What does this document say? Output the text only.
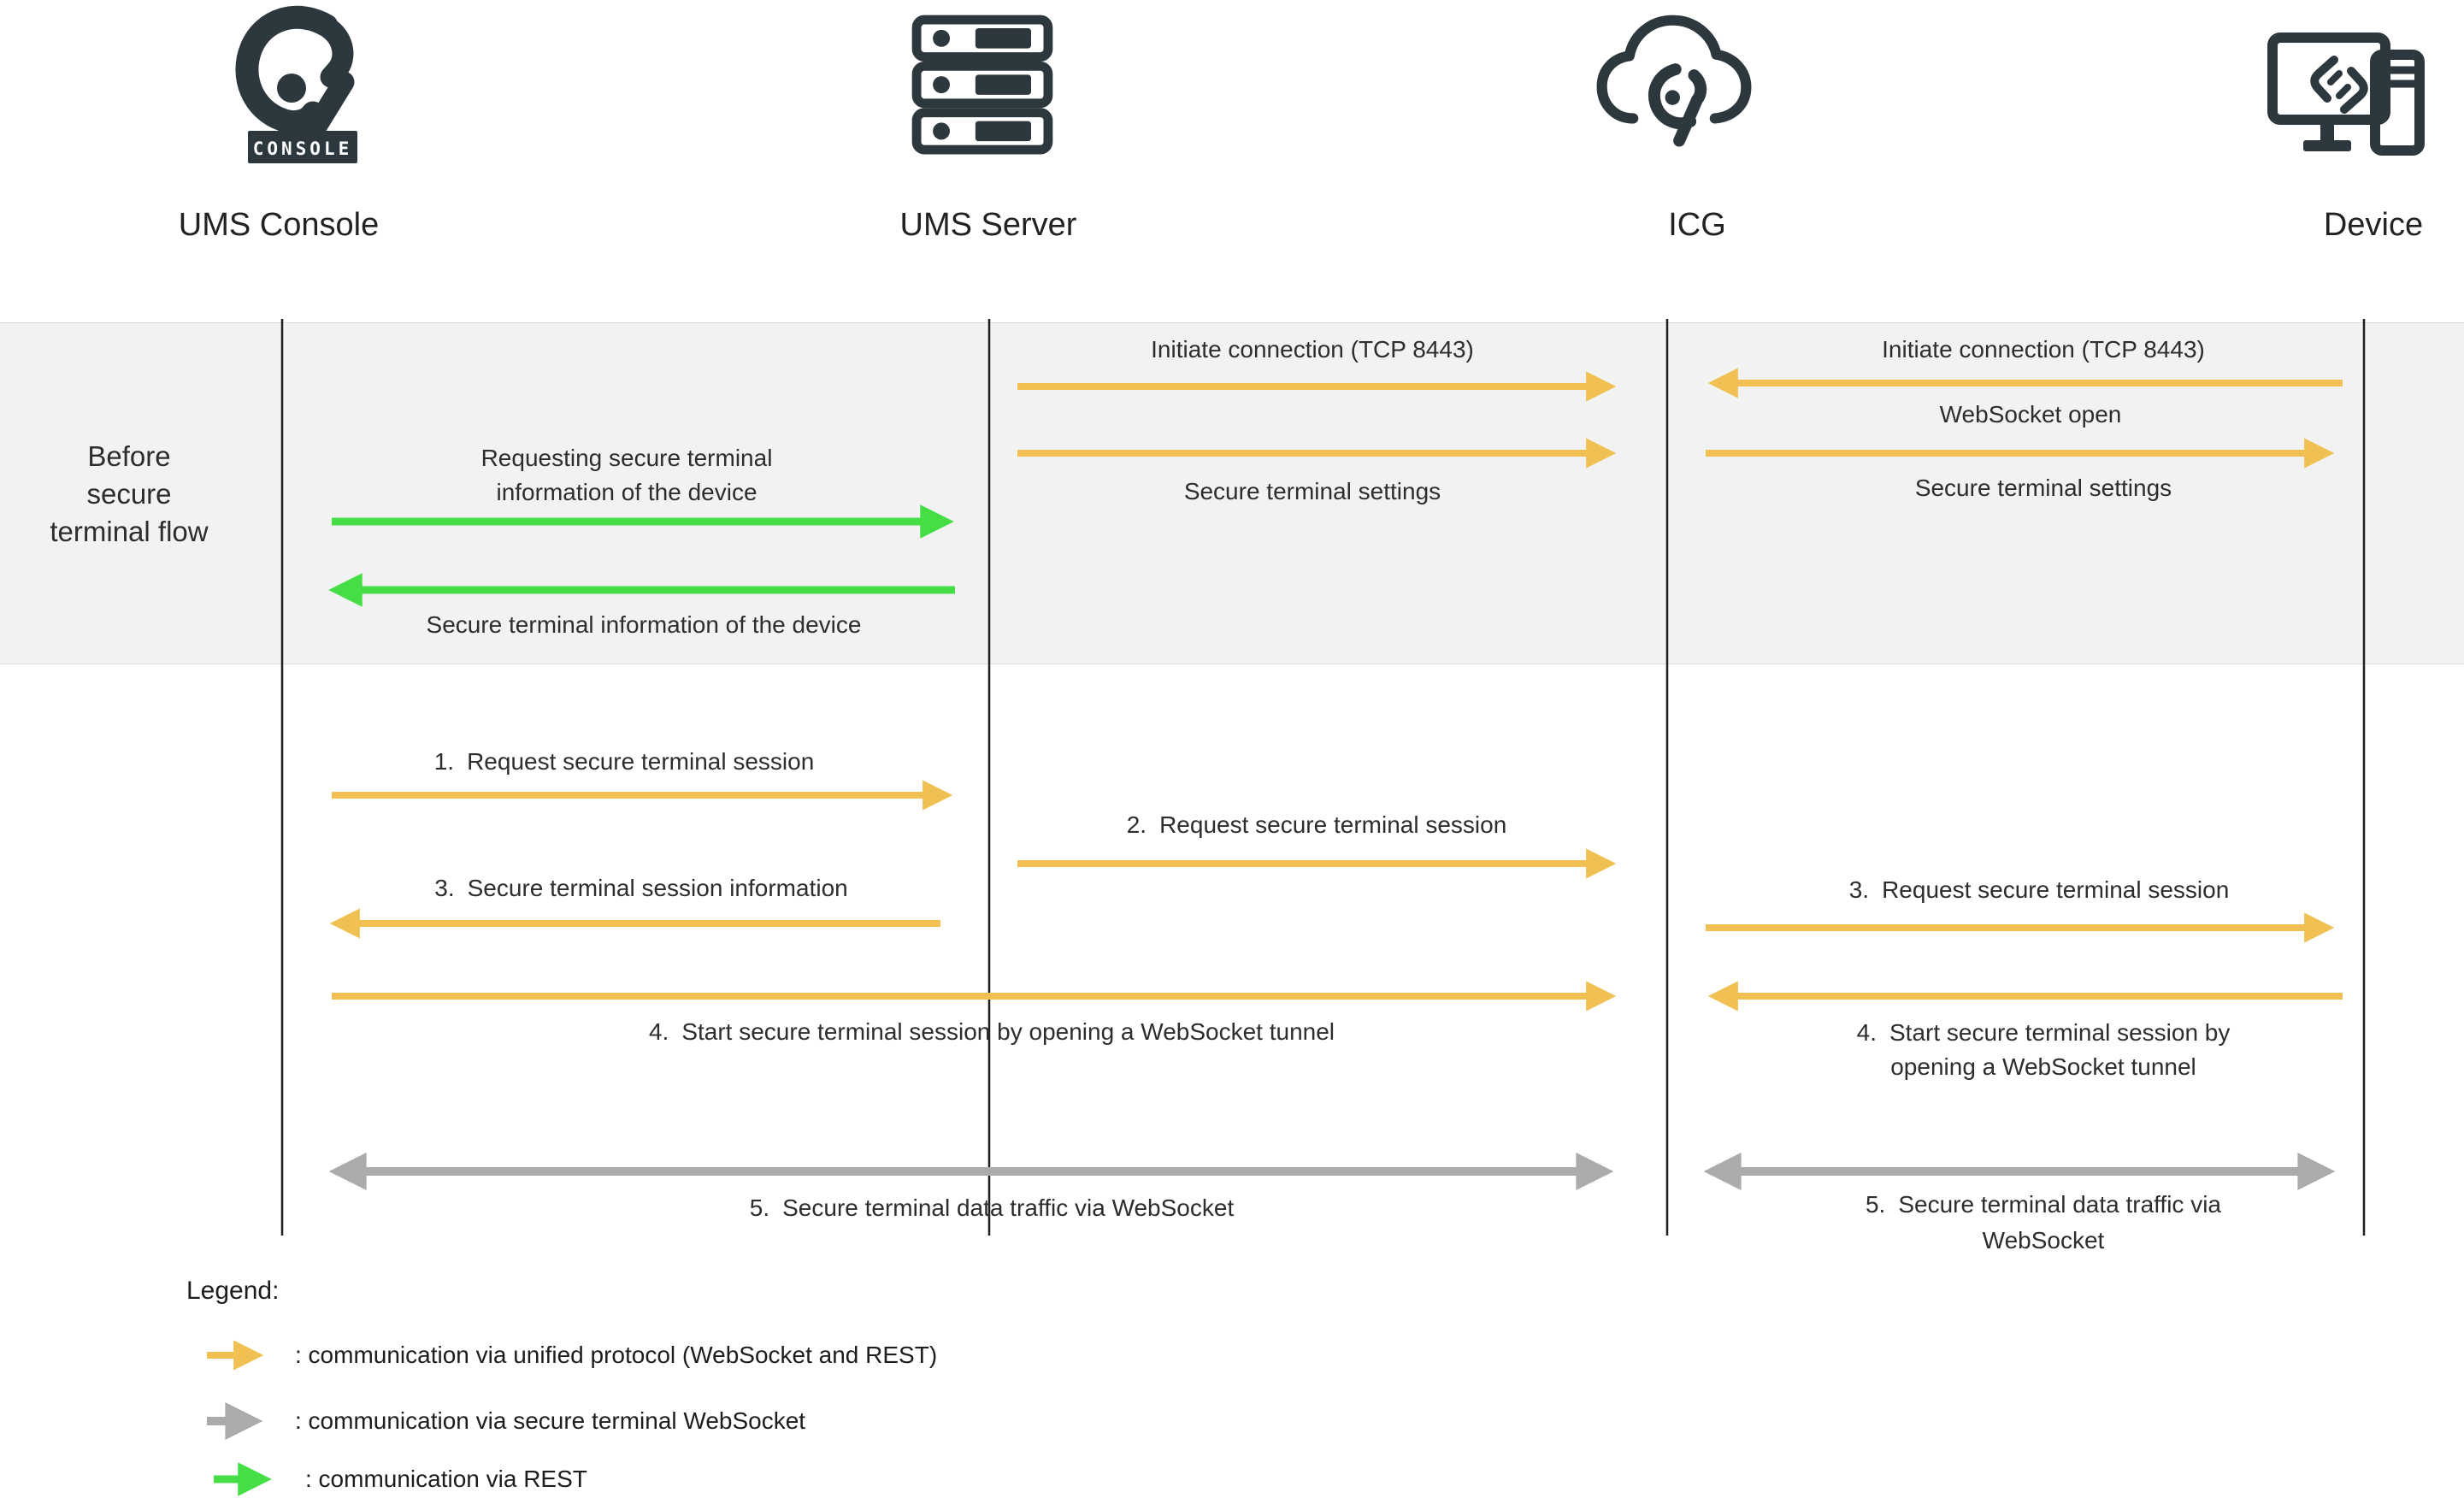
CONSOLE
UMS Console	UMS Server	ICG	Device
Before secure terminal flow
Requesting secure terminal information of the device
Secure terminal information of the device
Initiate connection (TCP 8443)
Secure terminal settings
Initiate connection (TCP 8443)
WebSocket open
Secure terminal settings
1. Request secure terminal session
2. Request secure terminal session
3. Secure terminal session information	3. Request secure terminal session
4. Start secure terminal session by opening a WebSocket tunnel	4. Start secure terminal session by opening a WebSocket tunnel
5. Secure terminal data traffic via WebSocket	5. Secure terminal data traffic via WebSocket
Legend:
: communication via unified protocol (WebSocket and REST)
: communication via secure terminal WebSocket
: communication via REST
